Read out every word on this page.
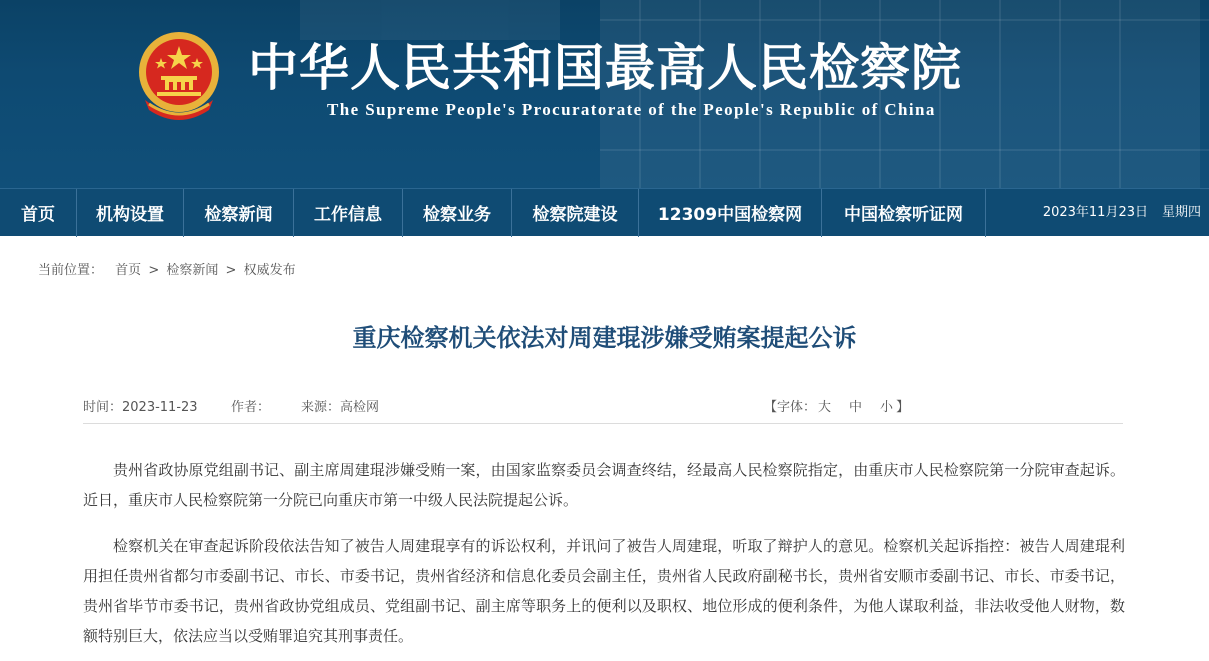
中华人民共和国最高人民检察院
The Supreme People's Procuratorate of the People's Republic of China
首页	机构设置	检察新闻	工作信息	检察业务	检察院建设	12309中国检察网	中国检察听证网	2023年11月23日 星期四
当前位置： 首页 > 检察新闻 > 权威发布
重庆检察机关依法对周建琨涉嫌受贿案提起公诉
时间：2023-11-23	作者： 来源：高检网	【字体： 大 中 小 】

贵州省政协原党组副书记、副主席周建琨涉嫌受贿一案，由国家监察委员会调查终结，经最高人民检察院指定，由重庆市人民检察院第一分院审查起诉。近日，重庆市人民检察院第一分院已向重庆市第一中级人民法院提起公诉。

检察机关在审查起诉阶段依法告知了被告人周建琨享有的诉讼权利，并讯问了被告人周建琨，听取了辩护人的意见。检察机关起诉指控：被告人周建琨利用担任贵州省都匀市委副书记、市长、市委书记，贵州省经济和信息化委员会副主任，贵州省人民政府副秘书长，贵州省安顺市委副书记、市长、市委书记，贵州省毕节市委书记，贵州省政协党组成员、党组副书记、副主席等职务上的便利以及职权、地位形成的便利条件，为他人谋取利益，非法收受他人财物，数额特别巨大，依法应当以受贿罪追究其刑事责任。
